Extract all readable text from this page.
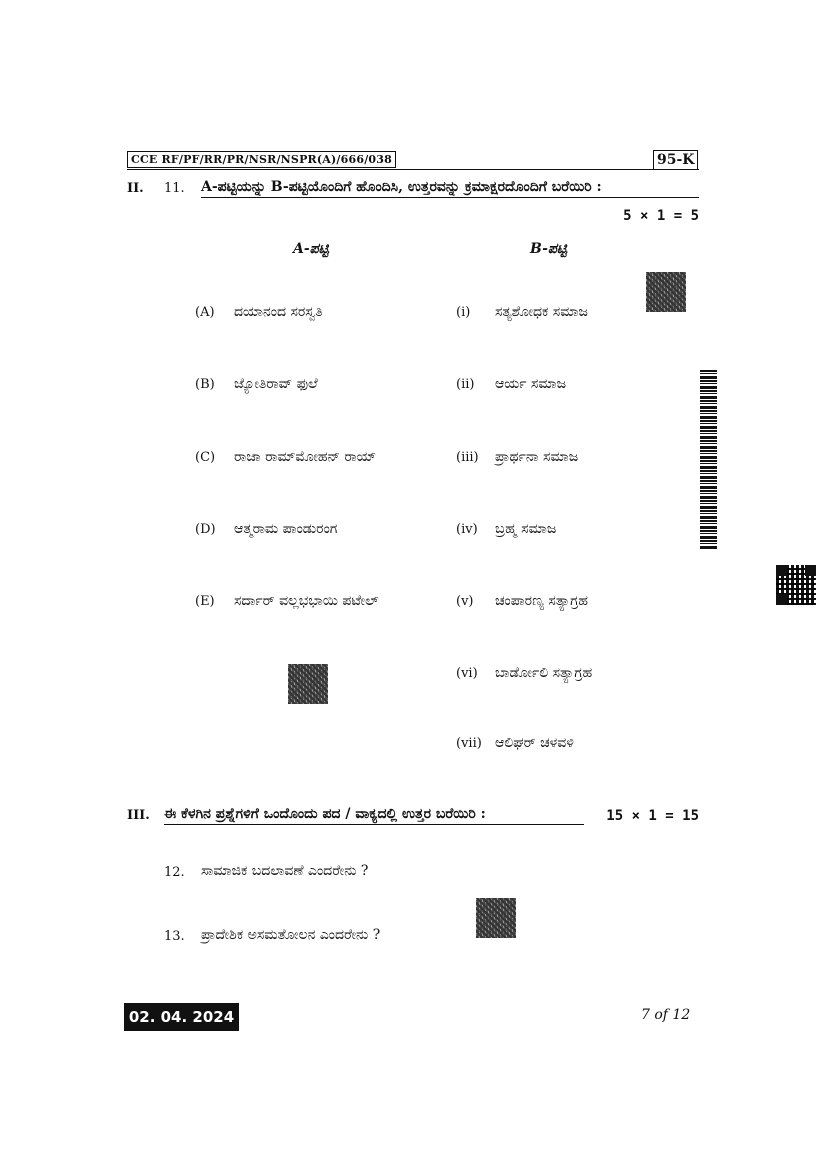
CCE RF/PF/RR/PR/NSR/NSPR(A)/666/038	95-K
II. 11. A-ಪಟ್ಟಿಯನ್ನು B-ಪಟ್ಟಿಯೊಂದಿಗೆ ಹೊಂದಿಸಿ, ಉತ್ತರವನ್ನು ಕ್ರಮಾಕ್ಷರದೊಂದಿಗೆ ಬರೆಯಿರಿ :
5 × 1 = 5
A-ಪಟ್ಟಿ	B-ಪಟ್ಟಿ
(A) ದಯಾನಂದ ಸರಸ್ವತಿ
(B) ಜ್ಯೋತಿರಾವ್ ಫುಲೆ
(C) ರಾಜಾ ರಾಮ್‌ಮೋಹನ್ ರಾಯ್
(D) ಆತ್ಮರಾಮ ಪಾಂಡುರಂಗ
(E) ಸರ್ದಾರ್ ವಲ್ಲಭಭಾಯಿ ಪಟೇಲ್
(i) ಸತ್ಯಶೋಧಕ ಸಮಾಜ
(ii) ಆರ್ಯ ಸಮಾಜ
(iii) ಪ್ರಾರ್ಥನಾ ಸಮಾಜ
(iv) ಬ್ರಹ್ಮ ಸಮಾಜ
(v) ಚಂಪಾರಣ್ಯ ಸತ್ಯಾಗ್ರಹ
(vi) ಬಾರ್ಡೋಲಿ ಸತ್ಯಾಗ್ರಹ
(vii) ಆಲಿಘರ್ ಚಳವಳಿ
III. ಈ ಕೆಳಗಿನ ಪ್ರಶ್ನೆಗಳಿಗೆ ಒಂದೊಂದು ಪದ / ವಾಕ್ಯದಲ್ಲಿ ಉತ್ತರ ಬರೆಯಿರಿ :	15 × 1 = 15
12. ಸಾಮಾಜಿಕ ಬದಲಾವಣೆ ಎಂದರೇನು ?
13. ಪ್ರಾದೇಶಿಕ ಅಸಮತೋಲನ ಎಂದರೇನು ?
02. 04. 2024	7 of 12
